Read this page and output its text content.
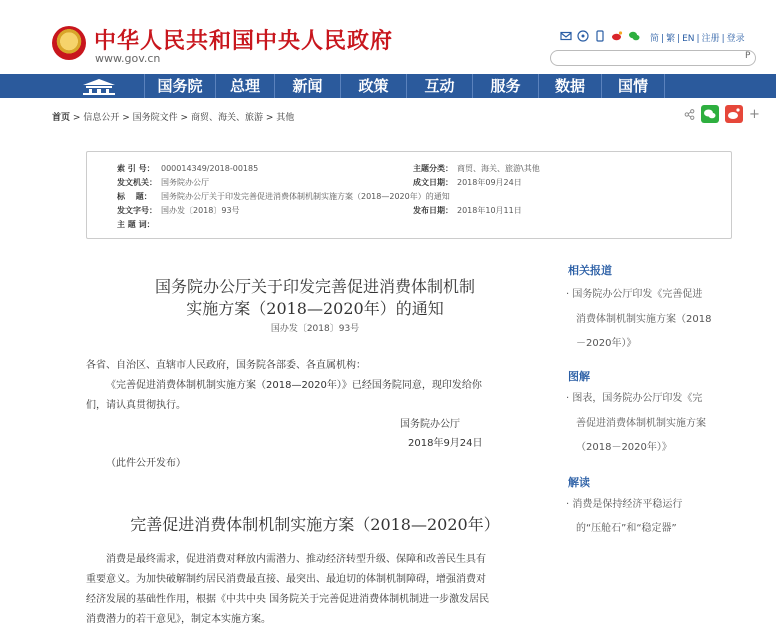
中华人民共和国中央人民政府
www.gov.cn
简 | 繁 | EN | 注册 | 登录
P
国务院	总理	新闻	政策	互动	服务	数据	国情
首页 > 信息公开 > 国务院文件 > 商贸、海关、旅游 > 其他	+
索 引 号： 000014349/2018-00185	主题分类： 商贸、海关、旅游\其他
发文机关： 国务院办公厅	成文日期： 2018年09月24日
标　 题： 国务院办公厅关于印发完善促进消费体制机制实施方案（2018—2020年）的通知
发文字号： 国办发〔2018〕93号	发布日期： 2018年10月11日
主 题 词：
国务院办公厅关于印发完善促进消费体制机制
实施方案（2018—2020年）的通知
国办发〔2018〕93号
各省、自治区、直辖市人民政府，国务院各部委、各直属机构：
《完善促进消费体制机制实施方案（2018—2020年）》已经国务院同意，现印发给你
们，请认真贯彻执行。
国务院办公厅
2018年9月24日
（此件公开发布）
完善促进消费体制机制实施方案（2018—2020年）
消费是最终需求，促进消费对释放内需潜力、推动经济转型升级、保障和改善民生具有
重要意义。为加快破解制约居民消费最直接、最突出、最迫切的体制机制障碍，增强消费对
经济发展的基础性作用，根据《中共中央 国务院关于完善促进消费体制机制进一步激发居民
消费潜力的若干意见》，制定本实施方案。
相关报道
· 国务院办公厅印发《完善促进
消费体制机制实施方案（2018
－2020年）》
图解
· 图表，国务院办公厅印发《完
善促进消费体制机制实施方案
（2018－2020年）》
解读
· 消费是保持经济平稳运行
的“压舱石”和“稳定器”
